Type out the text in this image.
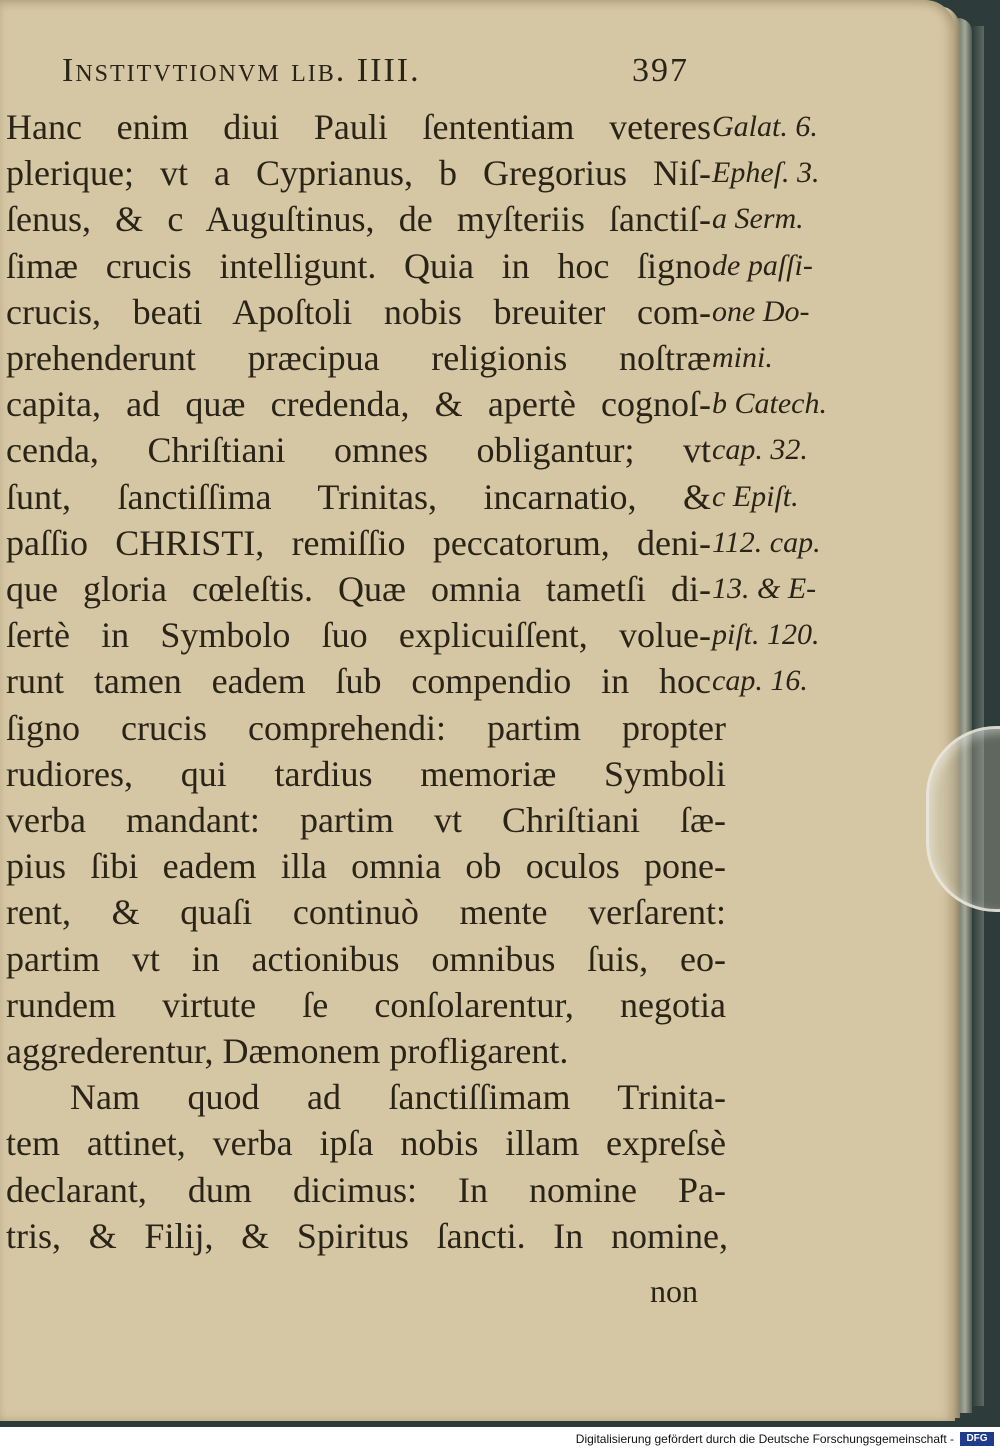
Institvtionvm lib. IIII.	397
Hanc enim diui Pauli ſententiam veteres
plerique; vt a Cyprianus, b Gregorius Niſ-
ſenus, & c Auguſtinus, de myſteriis ſanctiſ-
ſimæ crucis intelligunt. Quia in hoc ſigno
crucis, beati Apoſtoli nobis breuiter com-
prehenderunt præcipua religionis noſtræ
capita, ad quæ credenda, & apertè cognoſ-
cenda, Chriſtiani omnes obligantur; vt
ſunt, ſanctiſſima Trinitas, incarnatio, &
paſſio CHRISTI, remiſſio peccatorum, deni-
que gloria cœleſtis. Quæ omnia tametſi di-
ſertè in Symbolo ſuo explicuiſſent, volue-
runt tamen eadem ſub compendio in hoc
ſigno crucis comprehendi: partim propter
rudiores, qui tardius memoriæ Symboli
verba mandant: partim vt Chriſtiani ſæ-
pius ſibi eadem illa omnia ob oculos pone-
rent, & quaſi continuò mente verſarent:
partim vt in actionibus omnibus ſuis, eo-
rundem virtute ſe conſolarentur, negotia
aggrederentur, Dæmonem profligarent.
Nam quod ad ſanctiſſimam Trinita-
tem attinet, verba ipſa nobis illam expreſsè
declarant, dum dicimus: In nomine Pa-
tris, & Filij, & Spiritus ſancti. In nomine,
Galat. 6.
Epheſ. 3.
a Serm.
de paſſi-
one Do-
mini.
b Catech.
cap. 32.
c Epiſt.
112. cap.
13. & E-
piſt. 120.
cap. 16.
non
Digitalisierung gefördert durch die Deutsche Forschungsgemeinschaft -	DFG
